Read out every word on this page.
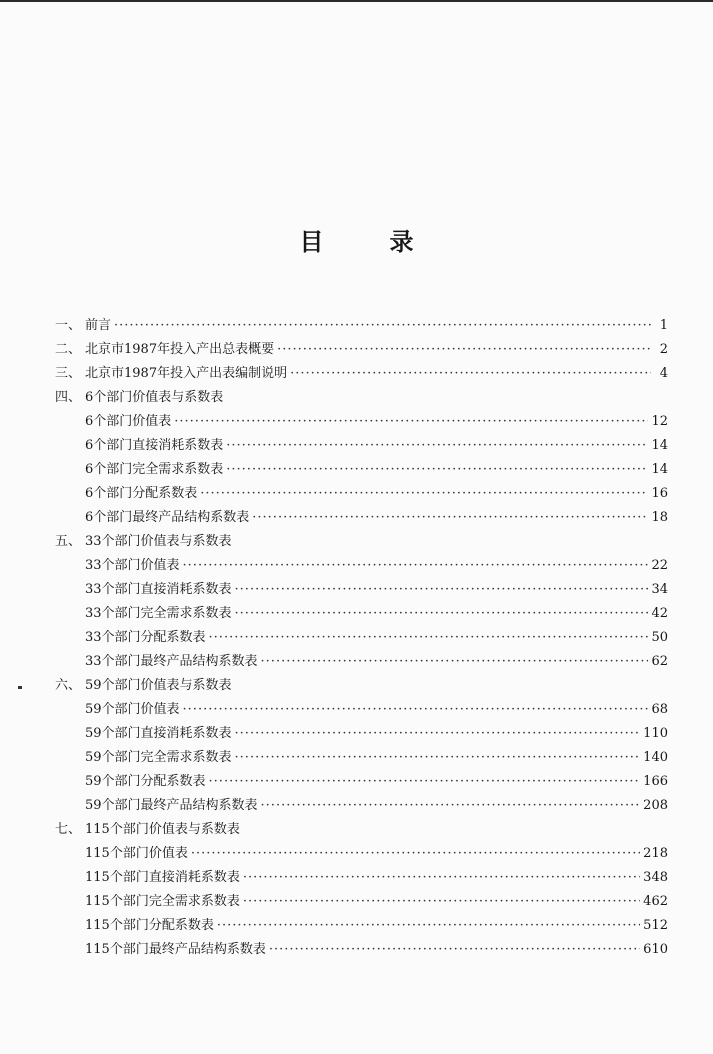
目	录
一、 前言 ·····	1
二、 北京市1987年投入产出总表概要 ·····	2
三、 北京市1987年投入产出表编制说明 ·····	4
四、 6个部门价值表与系数表
6个部门价值表 ·····	12
6个部门直接消耗系数表 ·····	14
6个部门完全需求系数表 ·····	14
6个部门分配系数表 ·····	16
6个部门最终产品结构系数表 ·····	18
五、 33个部门价值表与系数表
33个部门价值表 ·····	22
33个部门直接消耗系数表 ·····	34
33个部门完全需求系数表 ·····	42
33个部门分配系数表 ·····	50
33个部门最终产品结构系数表 ·····	62
六、 59个部门价值表与系数表
59个部门价值表 ·····	68
59个部门直接消耗系数表 ·····	110
59个部门完全需求系数表 ·····	140
59个部门分配系数表 ·····	166
59个部门最终产品结构系数表 ·····	208
七、 115个部门价值表与系数表
115个部门价值表 ·····	218
115个部门直接消耗系数表 ·····	348
115个部门完全需求系数表 ·····	462
115个部门分配系数表 ·····	512
115个部门最终产品结构系数表 ·····	610
